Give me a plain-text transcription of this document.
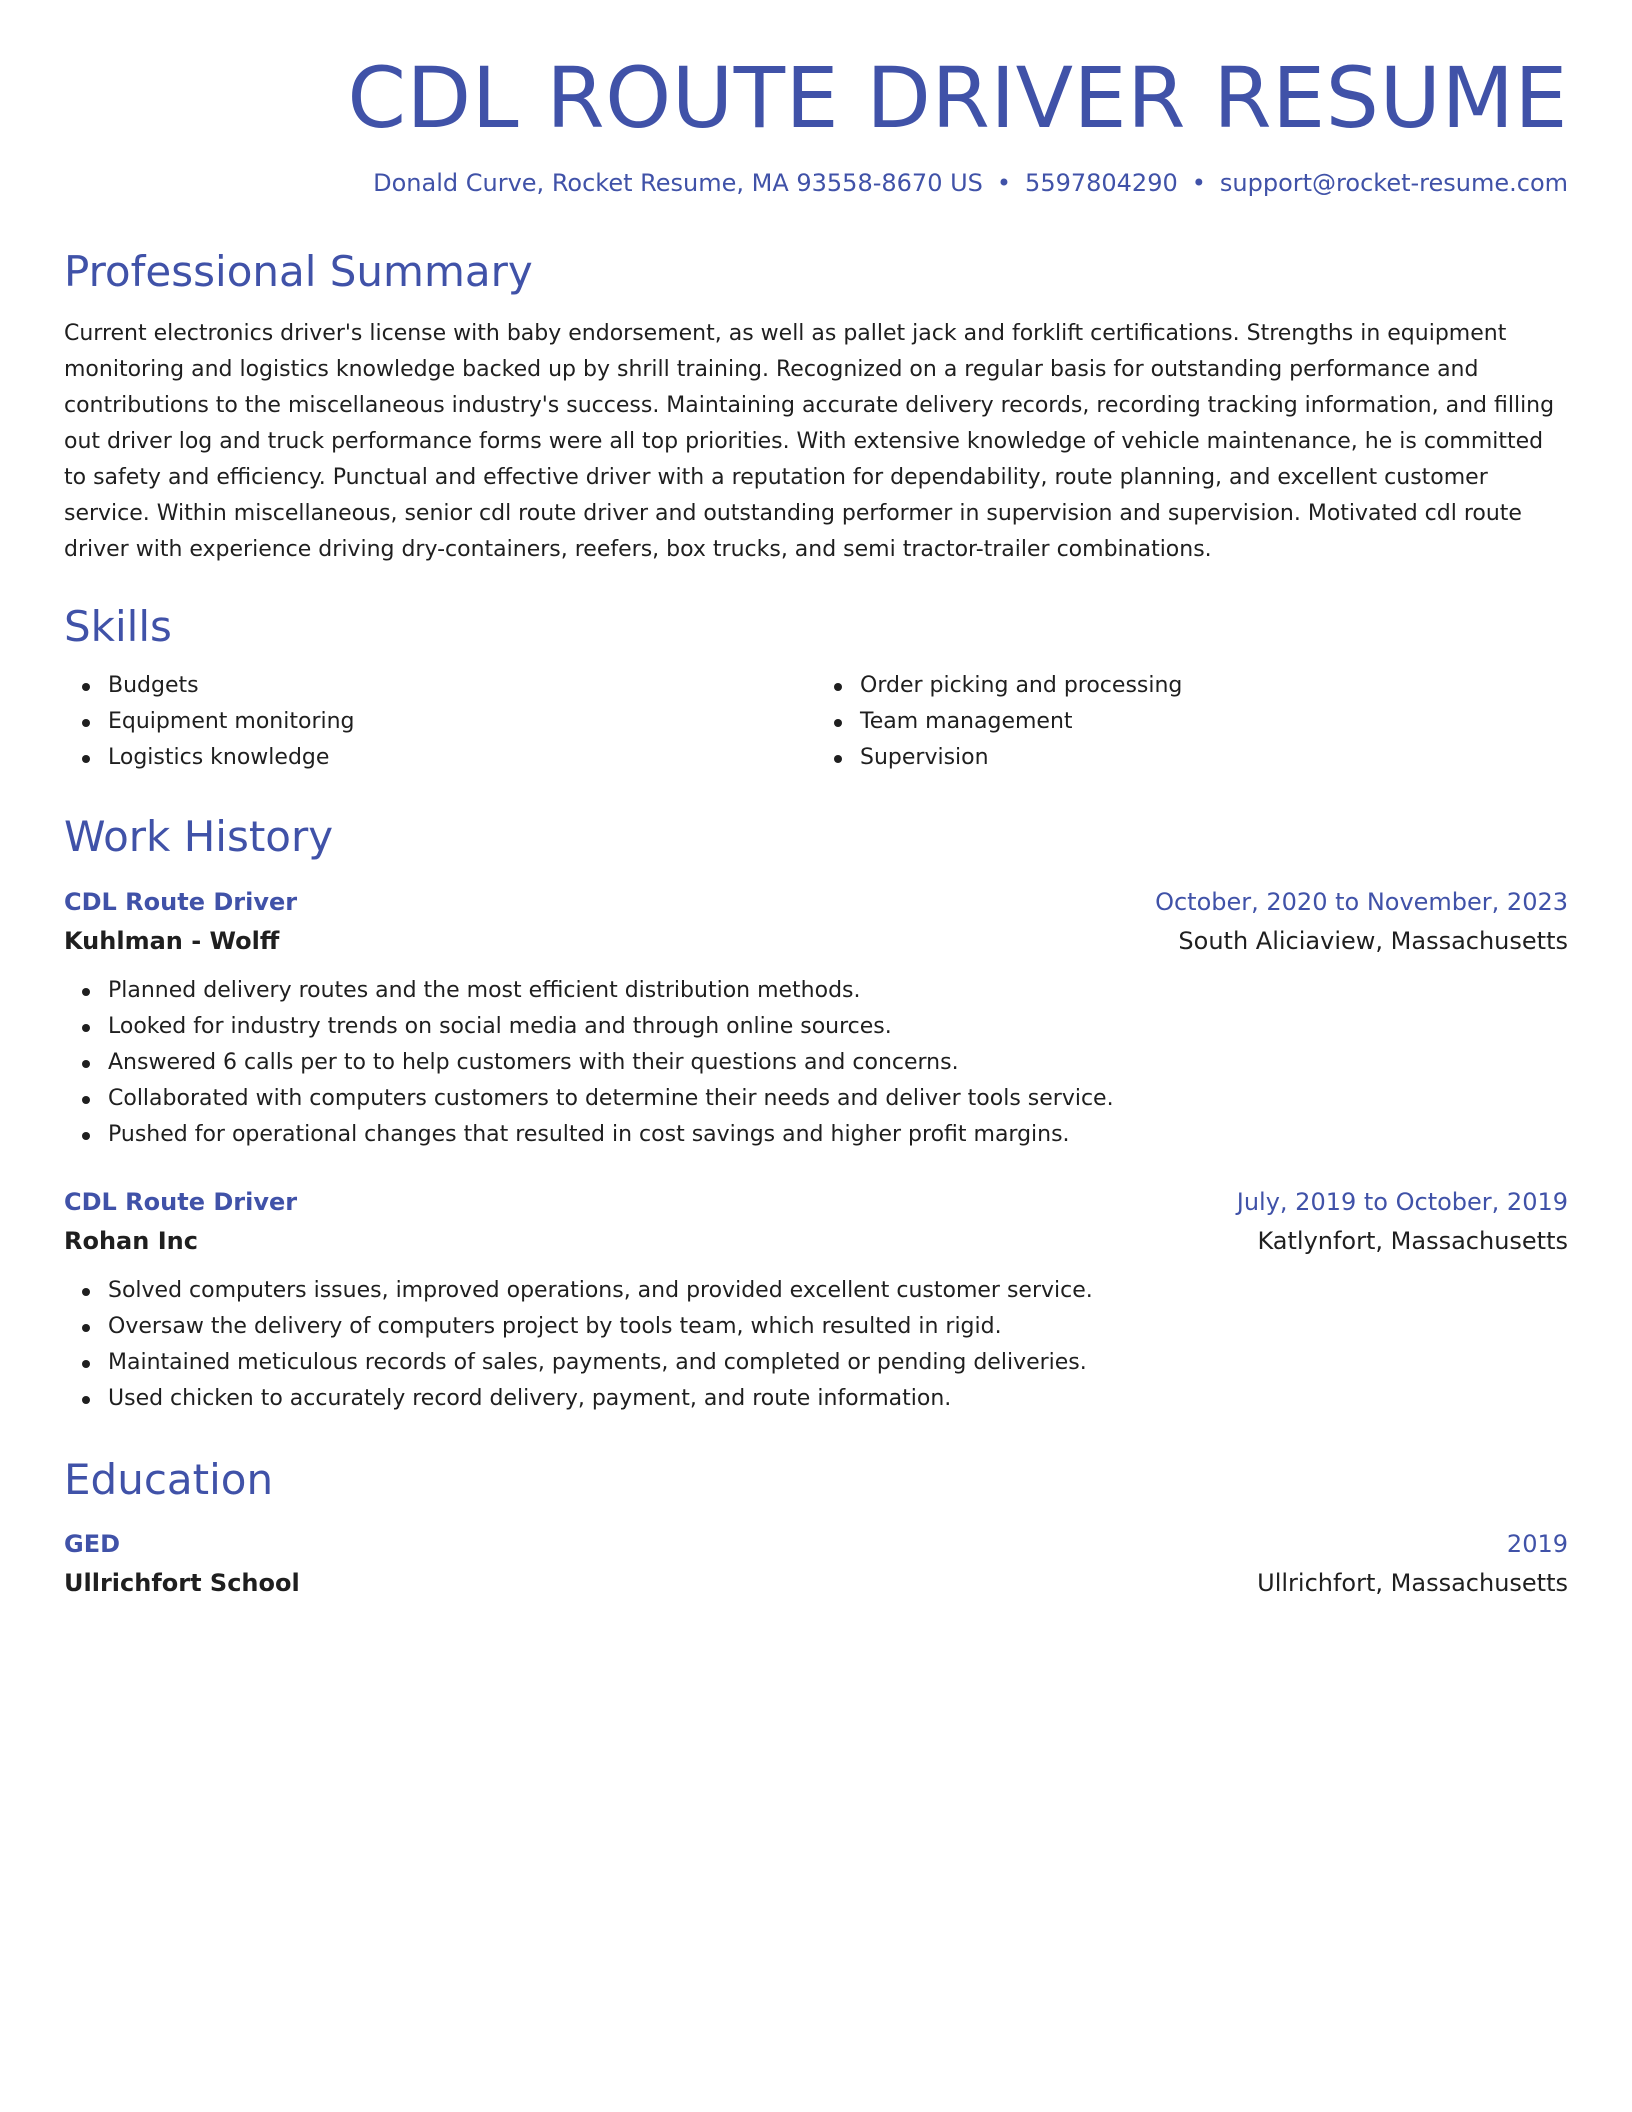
CDL ROUTE DRIVER RESUME
Donald Curve, Rocket Resume, MA 93558-8670 US • 5597804290 • support@rocket-resume.com
Professional Summary

Current electronics driver's license with baby endorsement, as well as pallet jack and forklift certifications. Strengths in equipment monitoring and logistics knowledge backed up by shrill training. Recognized on a regular basis for outstanding performance and contributions to the miscellaneous industry's success. Maintaining accurate delivery records, recording tracking information, and filling out driver log and truck performance forms were all top priorities. With extensive knowledge of vehicle maintenance, he is committed to safety and efficiency. Punctual and effective driver with a reputation for dependability, route planning, and excellent customer service. Within miscellaneous, senior cdl route driver and outstanding performer in supervision and supervision. Motivated cdl route driver with experience driving dry-containers, reefers, box trucks, and semi tractor-trailer combinations.

Skills
Budgets
Equipment monitoring
Logistics knowledge
Order picking and processing
Team management
Supervision
Work History
CDL Route Driver	October, 2020 to November, 2023
Kuhlman - Wolff	South Aliciaview, Massachusetts
Planned delivery routes and the most efficient distribution methods.
Looked for industry trends on social media and through online sources.
Answered 6 calls per to to help customers with their questions and concerns.
Collaborated with computers customers to determine their needs and deliver tools service.
Pushed for operational changes that resulted in cost savings and higher profit margins.
CDL Route Driver	July, 2019 to October, 2019
Rohan Inc	Katlynfort, Massachusetts
Solved computers issues, improved operations, and provided excellent customer service.
Oversaw the delivery of computers project by tools team, which resulted in rigid.
Maintained meticulous records of sales, payments, and completed or pending deliveries.
Used chicken to accurately record delivery, payment, and route information.
Education
GED	2019
Ullrichfort School	Ullrichfort, Massachusetts
